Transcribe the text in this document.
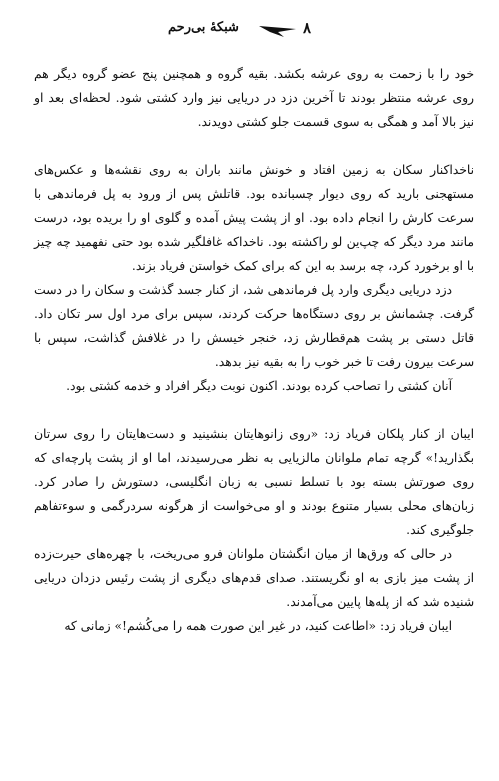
۸
شبکهٔ بی‌رحم

خود را با زحمت به روی عرشه بکشد. بقیه گروه و همچنین پنج عضو گروه دیگر هم روی عرشه منتظر بودند تا آخرین دزد در دریایی نیز وارد کشتی شود. لحظه‌ای بعد او نیز بالا آمد و همگی به سوی قسمت جلو کشتی دویدند.

ناخداکنار سکان به زمین افتاد و خونش مانند باران به روی نقشه‌ها و عکس‌های مستهجنی بارید که روی دیوار چسبانده بود. قاتلش پس از ورود به پل فرماندهی با سرعت کارش را انجام داده بود. او از پشت پیش آمده و گلوی او را بریده بود، درست مانند مرد دیگر که چپ‌ین لو راکشته بود. ناخداکه غافلگیر شده بود حتی نفهمید چه چیز با او برخورد کرد، چه برسد به این که برای کمک خواستن فریاد بزند.

دزد دریایی دیگری وارد پل فرماندهی شد، از کنار جسد گذشت و سکان را در دست گرفت. چشمانش بر روی دستگاه‌ها حرکت کردند، سپس برای مرد اول سر تکان داد. قاتل دستی بر پشت هم‌قطارش زد، خنجر خیسش را در غلافش گذاشت، سپس با سرعت بیرون رفت تا خبر خوب را به بقیه نیز بدهد.

آنان کشتی را تصاحب کرده بودند. اکنون نوبت دیگر افراد و خدمه کشتی بود.

ایبان از کنار پلکان فریاد زد: «روی زانوهایتان بنشینید و دست‌هایتان را روی سرتان بگذارید!» گرچه تمام ملوانان مالزیایی به نظر می‌رسیدند، اما او از پشت پارچه‌ای که روی صورتش بسته بود با تسلط نسبی به زبان انگلیسی، دستورش را صادر کرد. زبان‌های محلی بسیار متنوع بودند و او می‌خواست از هرگونه سردرگمی و سوءتفاهم جلوگیری کند.

در حالی که ورق‌ها از میان انگشتان ملوانان فرو می‌ریخت، با چهره‌های حیرت‌زده از پشت میز بازی به او نگریستند. صدای قدم‌های دیگری از پشت رئیس دزدان دریایی شنیده شد که از پله‌ها پایین می‌آمدند.

ایبان فریاد زد: «اطاعت کنید، در غیر این صورت همه را می‌کُشم!» زمانی که
